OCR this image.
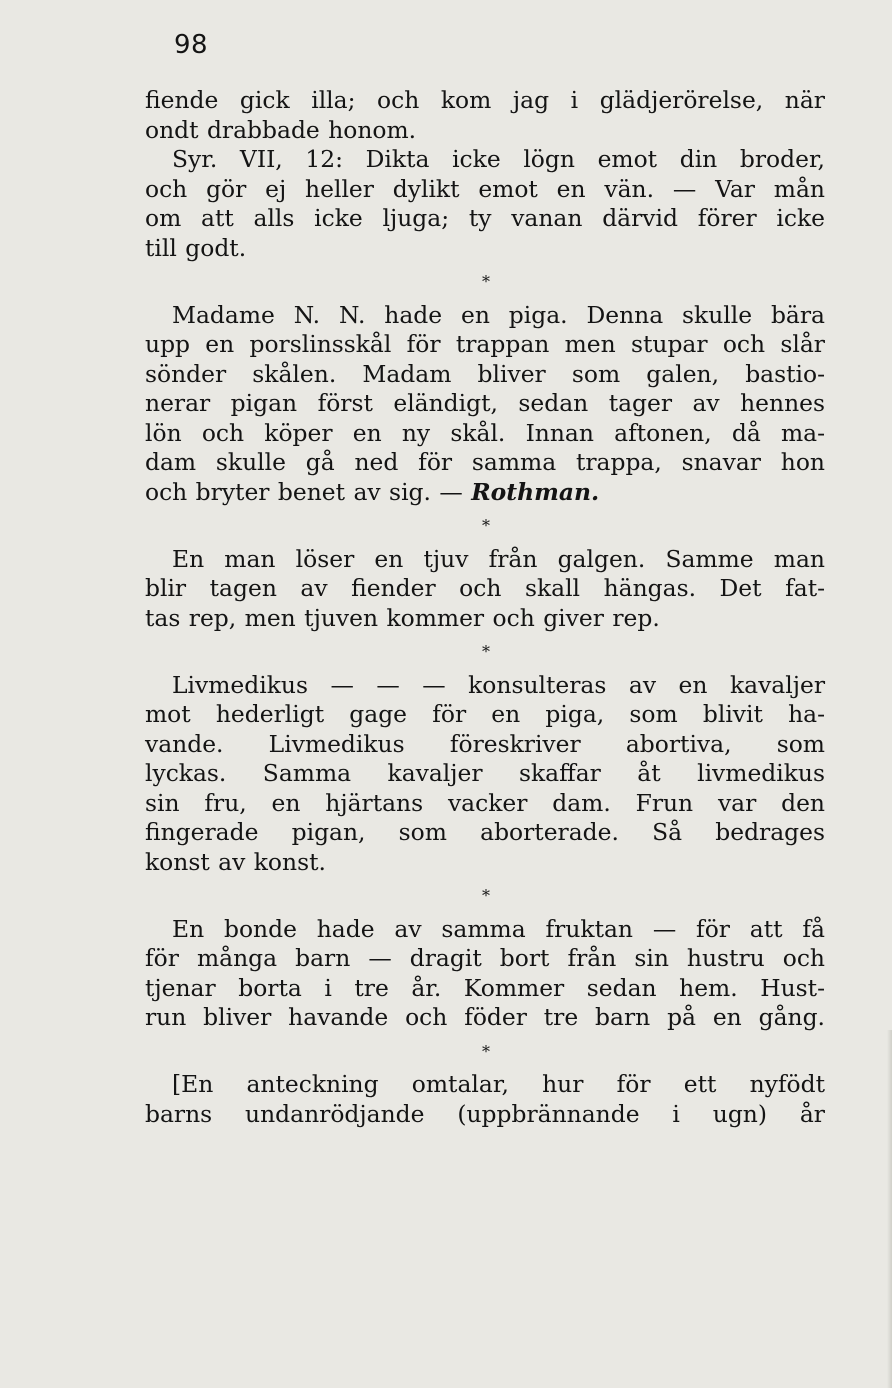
98
fiende gick illa; och kom jag i glädjerörelse, när
ondt drabbade honom.
Syr. VII, 12: Dikta icke lögn emot din broder,
och gör ej heller dylikt emot en vän. — Var mån
om att alls icke ljuga; ty vanan därvid förer icke
till godt.
*
Madame N. N. hade en piga. Denna skulle bära
upp en porslinsskål för trappan men stupar och slår
sönder skålen. Madam bliver som galen, bastio-
nerar pigan först eländigt, sedan tager av hennes
lön och köper en ny skål. Innan aftonen, då ma-
dam skulle gå ned för samma trappa, snavar hon
och bryter benet av sig. — Rothman.
*
En man löser en tjuv från galgen. Samme man
blir tagen av fiender och skall hängas. Det fat-
tas rep, men tjuven kommer och giver rep.
*
Livmedikus — — — konsulteras av en kavaljer
mot hederligt gage för en piga, som blivit ha-
vande. Livmedikus föreskriver abortiva, som
lyckas. Samma kavaljer skaffar åt livmedikus
sin fru, en hjärtans vacker dam. Frun var den
fingerade pigan, som aborterade. Så bedrages
konst av konst.
*
En bonde hade av samma fruktan — för att få
för många barn — dragit bort från sin hustru och
tjenar borta i tre år. Kommer sedan hem. Hust-
run bliver havande och föder tre barn på en gång.
*
[En anteckning omtalar, hur för ett nyfödt
barns undanrödjande (uppbrännande i ugn) år
